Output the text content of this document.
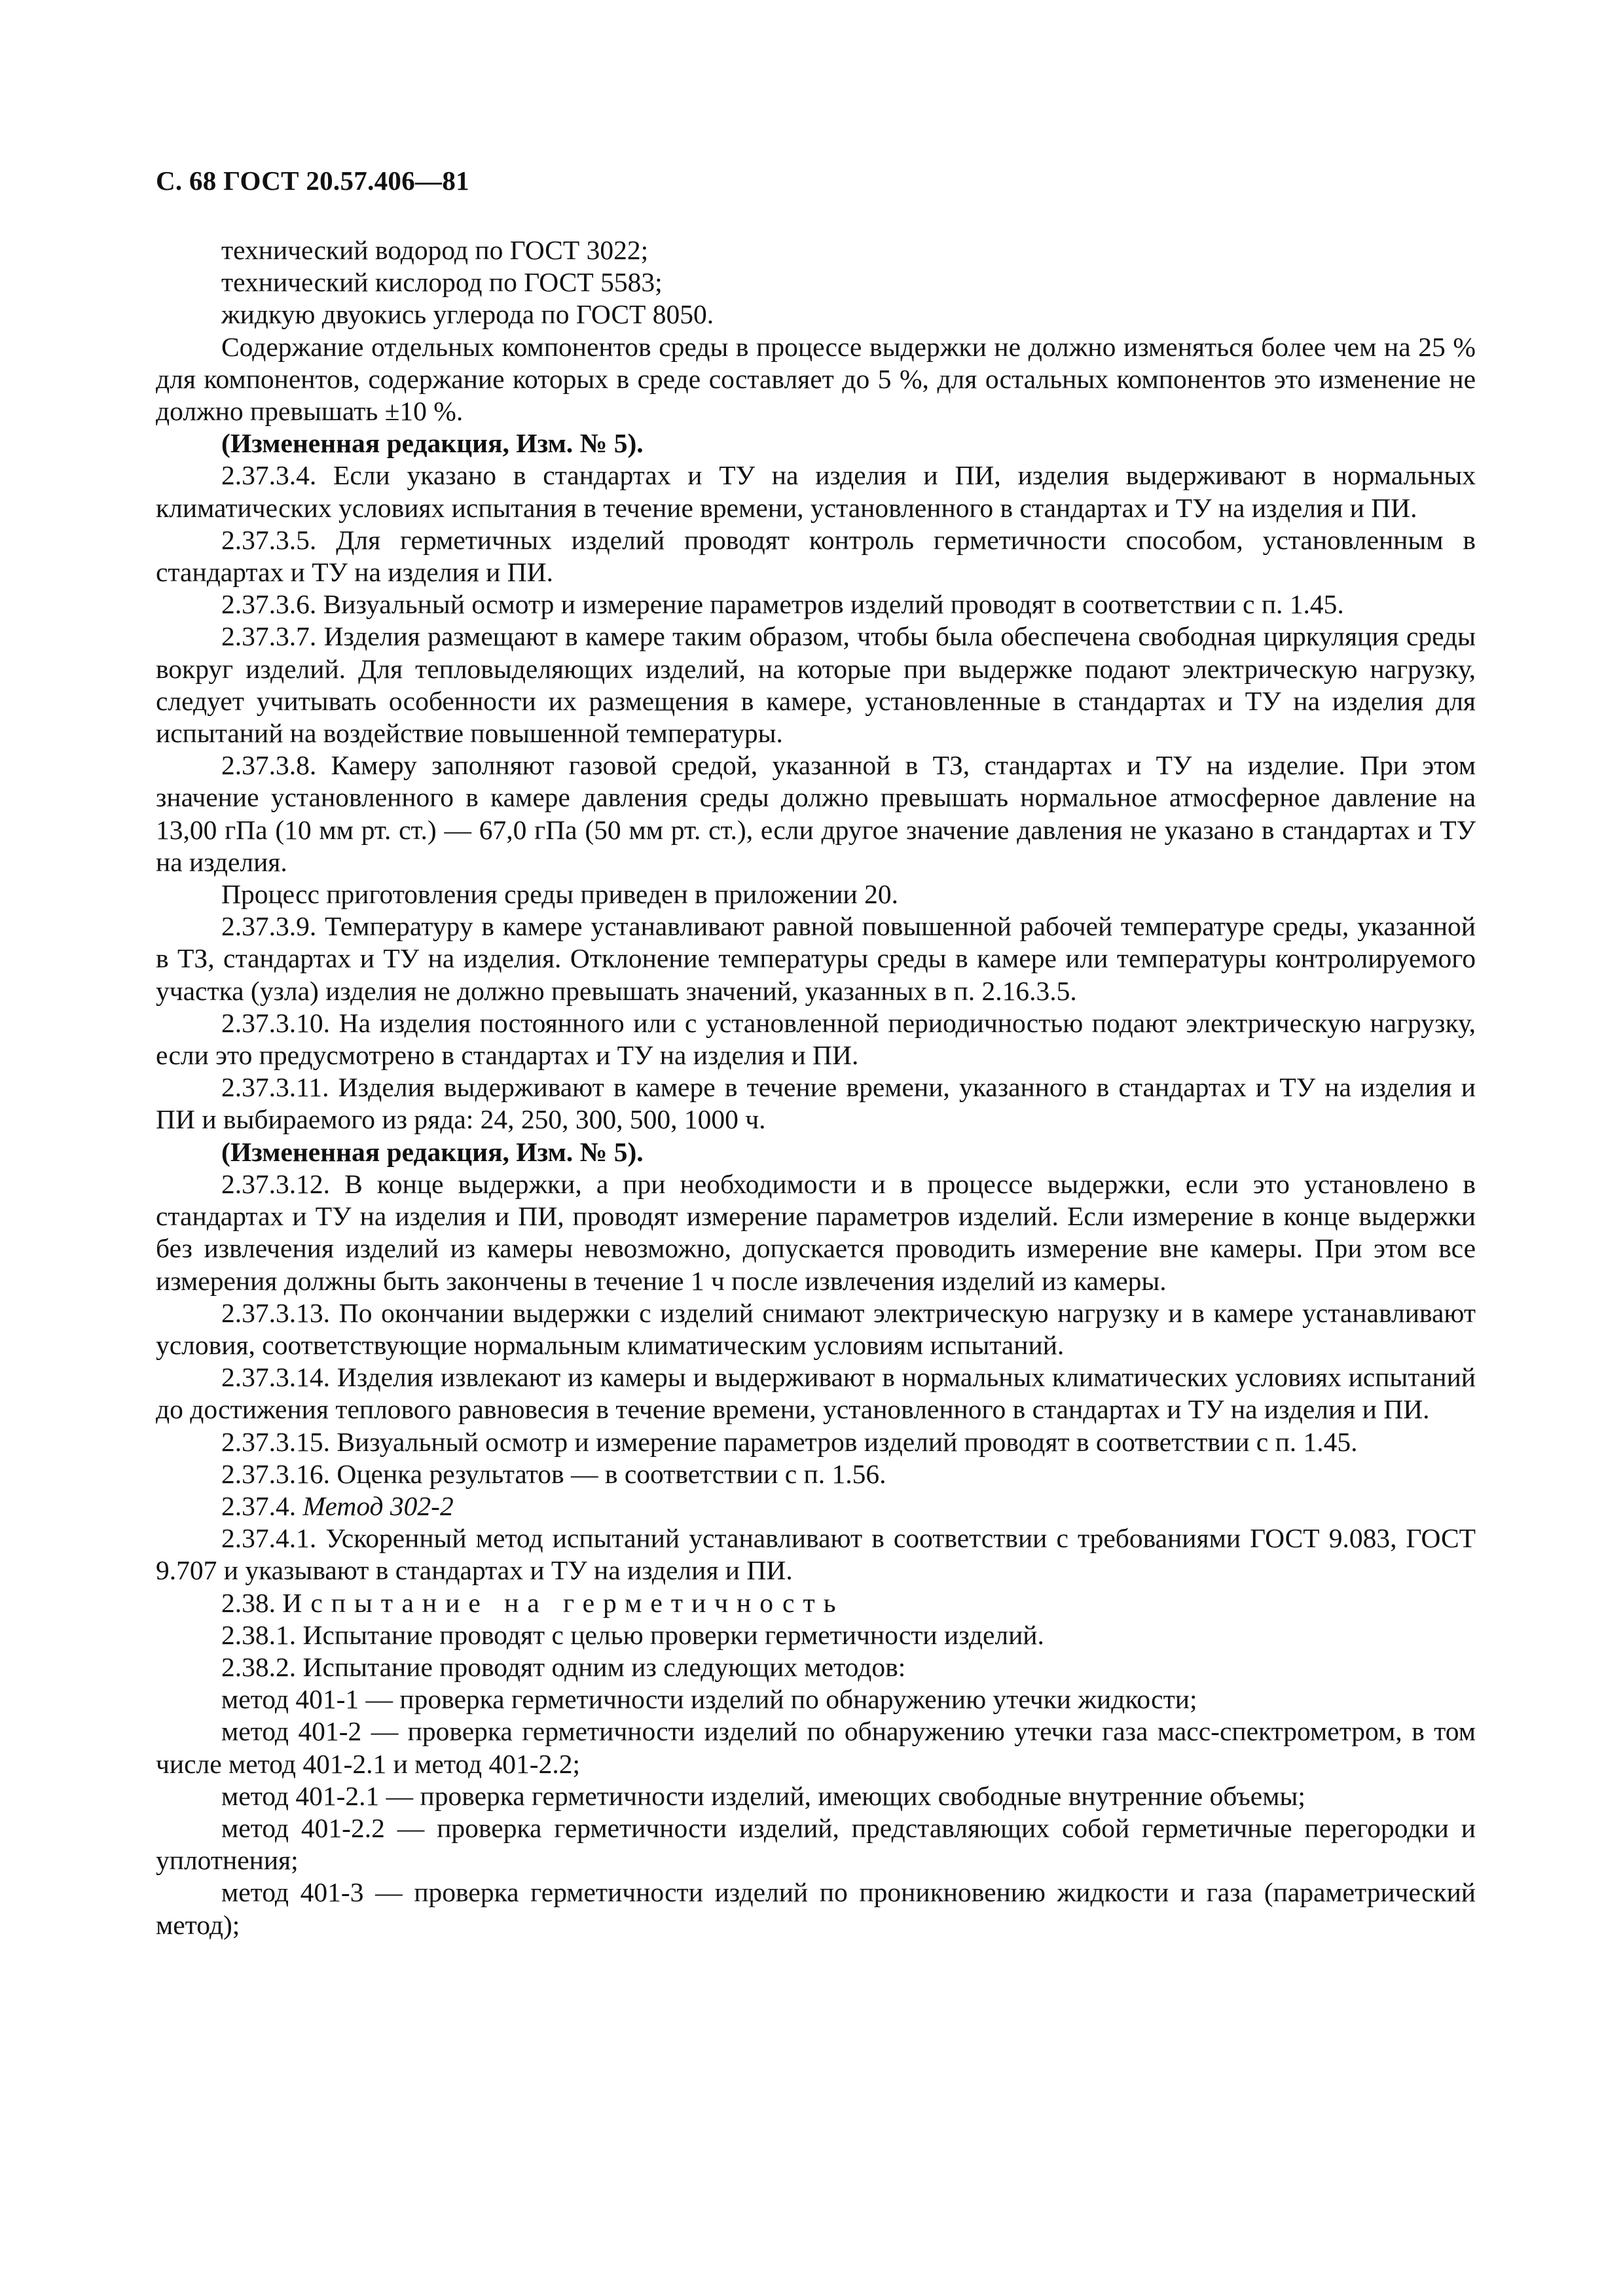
С. 68 ГОСТ 20.57.406—81

технический водород по ГОСТ 3022;

технический кислород по ГОСТ 5583;

жидкую двуокись углерода по ГОСТ 8050.

Содержание отдельных компонентов среды в процессе выдержки не должно изменяться более чем на 25 % для компонентов, содержание которых в среде составляет до 5 %, для остальных компонентов это изменение не должно превышать ±10 %.

(Измененная редакция, Изм. № 5).

2.37.3.4. Если указано в стандартах и ТУ на изделия и ПИ, изделия выдерживают в нормальных климатических условиях испытания в течение времени, установленного в стандартах и ТУ на изделия и ПИ.

2.37.3.5. Для герметичных изделий проводят контроль герметичности способом, установленным в стандартах и ТУ на изделия и ПИ.

2.37.3.6. Визуальный осмотр и измерение параметров изделий проводят в соответствии с п. 1.45.

2.37.3.7. Изделия размещают в камере таким образом, чтобы была обеспечена свободная циркуляция среды вокруг изделий. Для тепловыделяющих изделий, на которые при выдержке подают электрическую нагрузку, следует учитывать особенности их размещения в камере, установленные в стандартах и ТУ на изделия для испытаний на воздействие повышенной температуры.

2.37.3.8. Камеру заполняют газовой средой, указанной в ТЗ, стандартах и ТУ на изделие. При этом значение установленного в камере давления среды должно превышать нормальное атмосферное давление на 13,00 гПа (10 мм рт. ст.) — 67,0 гПа (50 мм рт. ст.), если другое значение давления не указано в стандартах и ТУ на изделия.

Процесс приготовления среды приведен в приложении 20.

2.37.3.9. Температуру в камере устанавливают равной повышенной рабочей температуре среды, указанной в ТЗ, стандартах и ТУ на изделия. Отклонение температуры среды в камере или температуры контролируемого участка (узла) изделия не должно превышать значений, указанных в п. 2.16.3.5.

2.37.3.10. На изделия постоянного или с установленной периодичностью подают электрическую нагрузку, если это предусмотрено в стандартах и ТУ на изделия и ПИ.

2.37.3.11. Изделия выдерживают в камере в течение времени, указанного в стандартах и ТУ на изделия и ПИ и выбираемого из ряда: 24, 250, 300, 500, 1000 ч.

(Измененная редакция, Изм. № 5).

2.37.3.12. В конце выдержки, а при необходимости и в процессе выдержки, если это установлено в стандартах и ТУ на изделия и ПИ, проводят измерение параметров изделий. Если измерение в конце выдержки без извлечения изделий из камеры невозможно, допускается проводить измерение вне камеры. При этом все измерения должны быть закончены в течение 1 ч после извлечения изделий из камеры.

2.37.3.13. По окончании выдержки с изделий снимают электрическую нагрузку и в камере устанавливают условия, соответствующие нормальным климатическим условиям испытаний.

2.37.3.14. Изделия извлекают из камеры и выдерживают в нормальных климатических условиях испытаний до достижения теплового равновесия в течение времени, установленного в стандартах и ТУ на изделия и ПИ.

2.37.3.15. Визуальный осмотр и измерение параметров изделий проводят в соответствии с п. 1.45.

2.37.3.16. Оценка результатов — в соответствии с п. 1.56.

2.37.4. Метод 302-2

2.37.4.1. Ускоренный метод испытаний устанавливают в соответствии с требованиями ГОСТ 9.083, ГОСТ 9.707 и указывают в стандартах и ТУ на изделия и ПИ.

2.38. Испытание на герметичность

2.38.1. Испытание проводят с целью проверки герметичности изделий.

2.38.2. Испытание проводят одним из следующих методов:

метод 401-1 — проверка герметичности изделий по обнаружению утечки жидкости;

метод 401-2 — проверка герметичности изделий по обнаружению утечки газа масс-спектрометром, в том числе метод 401-2.1 и метод 401-2.2;

метод 401-2.1 — проверка герметичности изделий, имеющих свободные внутренние объемы;

метод 401-2.2 — проверка герметичности изделий, представляющих собой герметичные перегородки и уплотнения;

метод 401-3 — проверка герметичности изделий по проникновению жидкости и газа (параметрический метод);
